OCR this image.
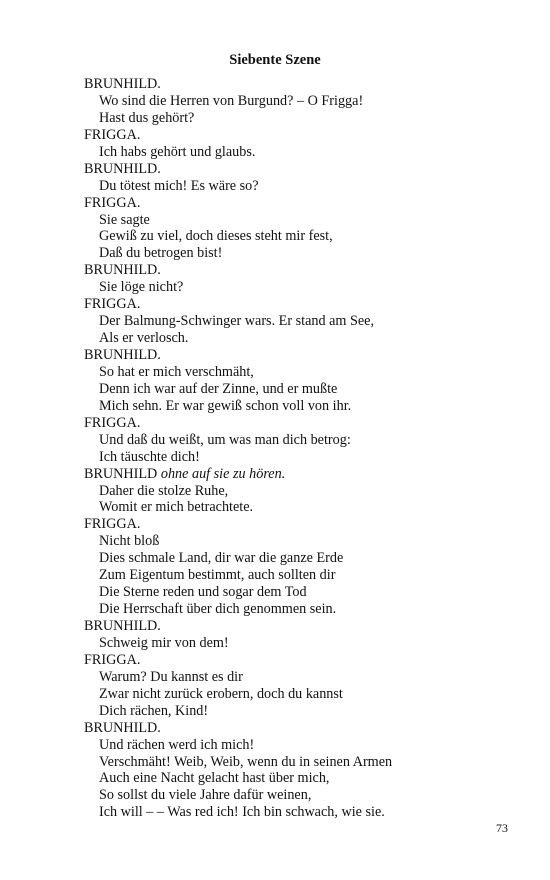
Siebente Szene
BRUNHILD.
Wo sind die Herren von Burgund? – O Frigga!
Hast dus gehört?
FRIGGA.
Ich habs gehört und glaubs.
BRUNHILD.
Du tötest mich! Es wäre so?
FRIGGA.
Sie sagte
Gewiß zu viel, doch dieses steht mir fest,
Daß du betrogen bist!
BRUNHILD.
Sie löge nicht?
FRIGGA.
Der Balmung-Schwinger wars. Er stand am See,
Als er verlosch.
BRUNHILD.
So hat er mich verschmäht,
Denn ich war auf der Zinne, und er mußte
Mich sehn. Er war gewiß schon voll von ihr.
FRIGGA.
Und daß du weißt, um was man dich betrog:
Ich täuschte dich!
BRUNHILD ohne auf sie zu hören.
Daher die stolze Ruhe,
Womit er mich betrachtete.
FRIGGA.
Nicht bloß
Dies schmale Land, dir war die ganze Erde
Zum Eigentum bestimmt, auch sollten dir
Die Sterne reden und sogar dem Tod
Die Herrschaft über dich genommen sein.
BRUNHILD.
Schweig mir von dem!
FRIGGA.
Warum? Du kannst es dir
Zwar nicht zurück erobern, doch du kannst
Dich rächen, Kind!
BRUNHILD.
Und rächen werd ich mich!
Verschmäht! Weib, Weib, wenn du in seinen Armen
Auch eine Nacht gelacht hast über mich,
So sollst du viele Jahre dafür weinen,
Ich will – – Was red ich! Ich bin schwach, wie sie.
73
